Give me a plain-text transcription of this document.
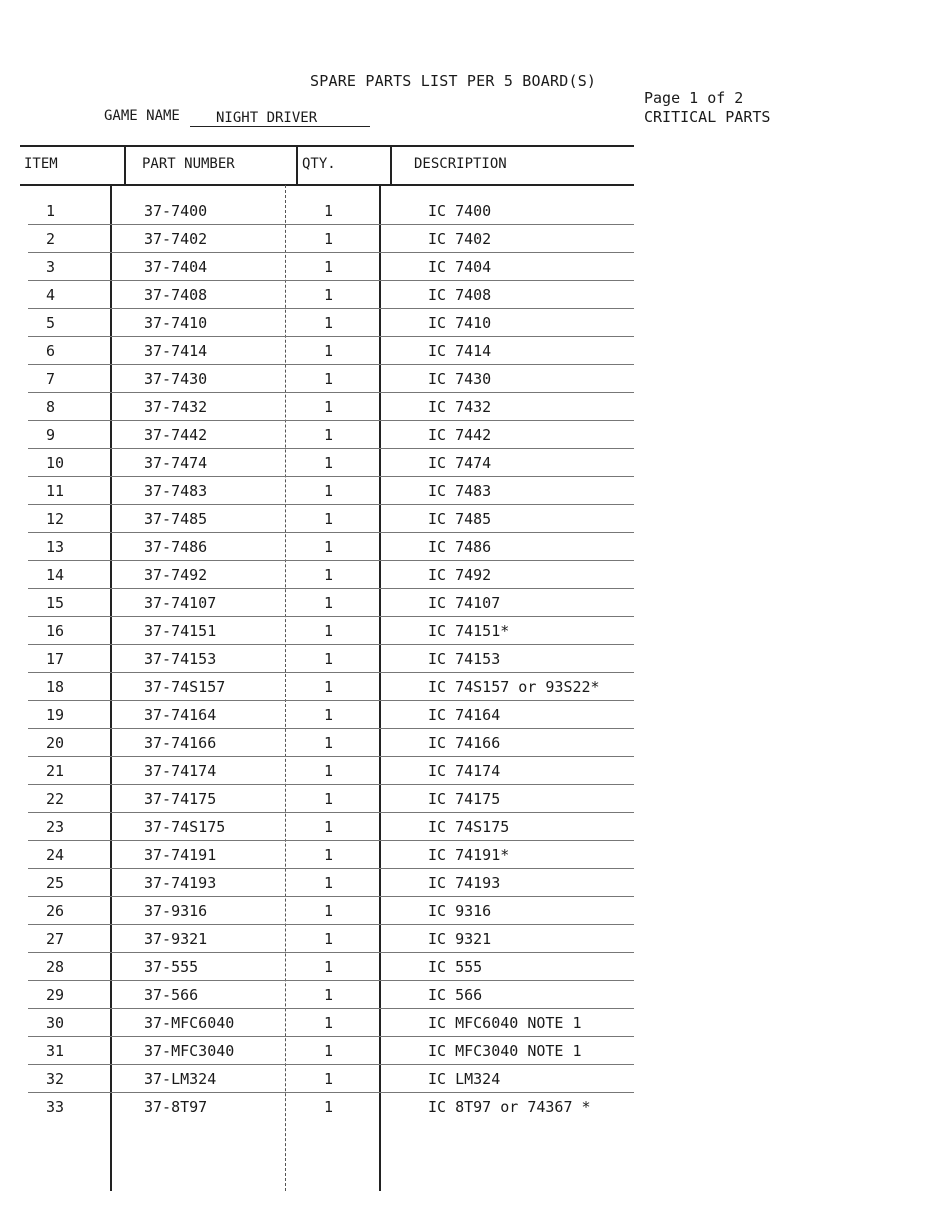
SPARE PARTS LIST PER 5 BOARD(S)
GAME NAME	NIGHT DRIVER
Page 1 of 2
CRITICAL PARTS
ITEM	PART NUMBER	QTY.	DESCRIPTION
1	37-7400	1	IC 7400
2	37-7402	1	IC 7402
3	37-7404	1	IC 7404
4	37-7408	1	IC 7408
5	37-7410	1	IC 7410
6	37-7414	1	IC 7414
7	37-7430	1	IC 7430
8	37-7432	1	IC 7432
9	37-7442	1	IC 7442
10	37-7474	1	IC 7474
11	37-7483	1	IC 7483
12	37-7485	1	IC 7485
13	37-7486	1	IC 7486
14	37-7492	1	IC 7492
15	37-74107	1	IC 74107
16	37-74151	1	IC 74151*
17	37-74153	1	IC 74153
18	37-74S157	1	IC 74S157 or 93S22*
19	37-74164	1	IC 74164
20	37-74166	1	IC 74166
21	37-74174	1	IC 74174
22	37-74175	1	IC 74175
23	37-74S175	1	IC 74S175
24	37-74191	1	IC 74191*
25	37-74193	1	IC 74193
26	37-9316	1	IC 9316
27	37-9321	1	IC 9321
28	37-555	1	IC 555
29	37-566	1	IC 566
30	37-MFC6040	1	IC MFC6040 NOTE 1
31	37-MFC3040	1	IC MFC3040 NOTE 1
32	37-LM324	1	IC LM324
33	37-8T97	1	IC 8T97 or 74367 *
